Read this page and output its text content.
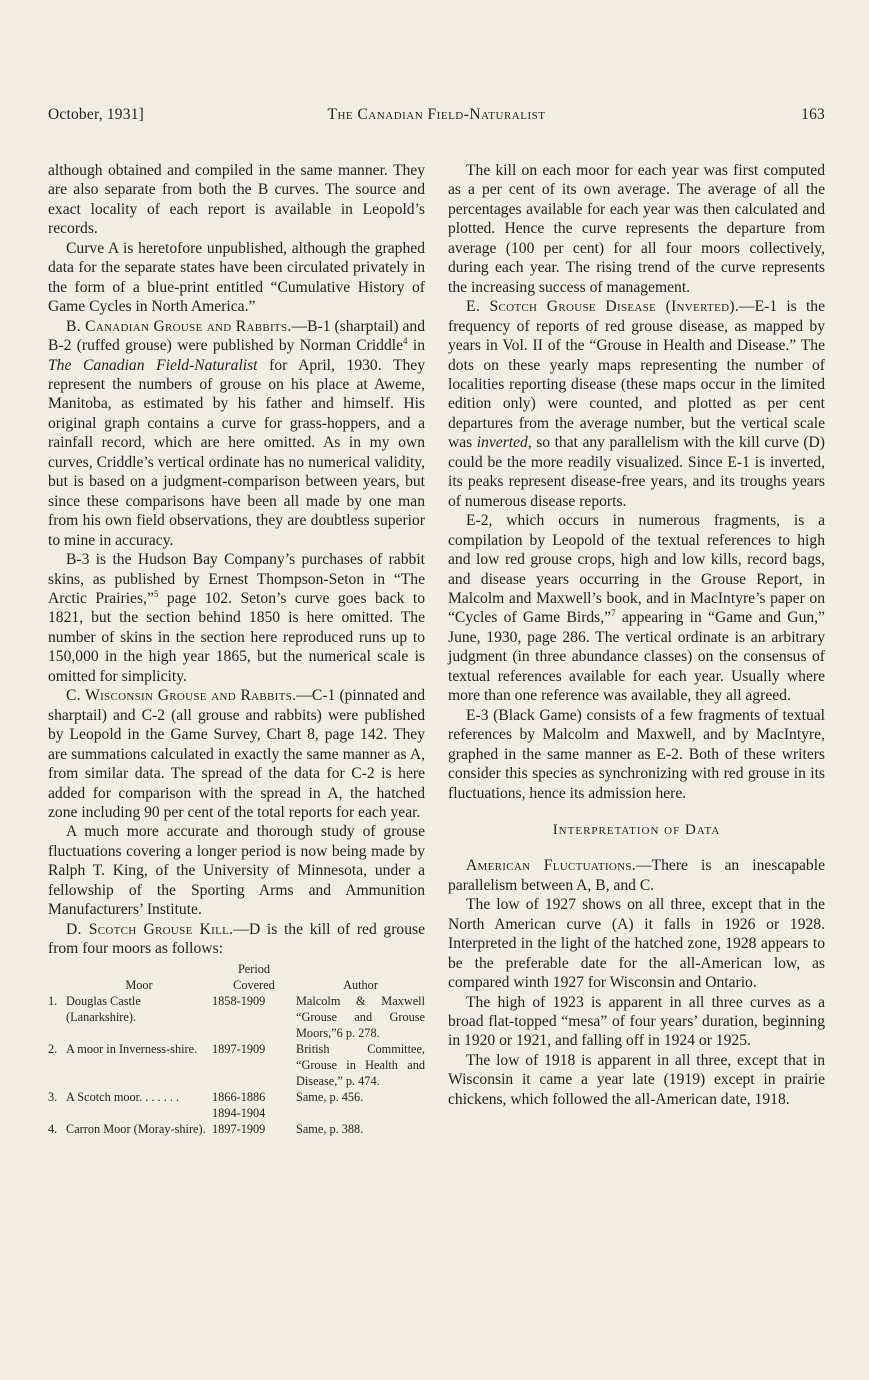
October, 1931]	The Canadian Field-Naturalist	163

although obtained and compiled in the same manner. They are also separate from both the B curves. The source and exact locality of each report is available in Leopold’s records.

Curve A is heretofore unpublished, although the graphed data for the separate states have been circulated privately in the form of a blue-print entitled “Cumulative History of Game Cycles in North America.”

B. Canadian Grouse and Rabbits.—B-1 (sharptail) and B-2 (ruffed grouse) were published by Norman Criddle$^4$ in The Canadian Field-Naturalist for April, 1930. They represent the numbers of grouse on his place at Aweme, Manitoba, as estimated by his father and himself. His original graph contains a curve for grass-hoppers, and a rainfall record, which are here omitted. As in my own curves, Criddle’s vertical ordinate has no numerical validity, but is based on a judgment-comparison between years, but since these comparisons have been all made by one man from his own field observations, they are doubtless superior to mine in accuracy.

B-3 is the Hudson Bay Company’s purchases of rabbit skins, as published by Ernest Thompson-Seton in “The Arctic Prairies,”$^5$ page 102. Seton’s curve goes back to 1821, but the section behind 1850 is here omitted. The number of skins in the section here reproduced runs up to 150,000 in the high year 1865, but the numerical scale is omitted for simplicity.

C. Wisconsin Grouse and Rabbits.—C-1 (pinnated and sharptail) and C-2 (all grouse and rabbits) were published by Leopold in the Game Survey, Chart 8, page 142. They are summations calculated in exactly the same manner as A, from similar data. The spread of the data for C-2 is here added for comparison with the spread in A, the hatched zone including 90 per cent of the total reports for each year.

A much more accurate and thorough study of grouse fluctuations covering a longer period is now being made by Ralph T. King, of the University of Minnesota, under a fellowship of the Sporting Arms and Ammunition Manufacturers’ Institute.

D. Scotch Grouse Kill.—D is the kill of red grouse from four moors as follows:

		Period	
	Moor	Covered	Author
1.	Douglas Castle (Lanarkshire).	1858-1909	Malcolm & Maxwell “Grouse and Grouse Moors,”6 p. 278.
2.	A moor in Inverness-shire.	1897-1909	British Committee, “Grouse in Health and Disease,” p. 474.
3.	A Scotch moor. . . . . . .	1866-1886 1894-1904	Same, p. 456.
4.	Carron Moor (Moray-shire).	1897-1909	Same, p. 388.

The kill on each moor for each year was first computed as a per cent of its own average. The average of all the percentages available for each year was then calculated and plotted. Hence the curve represents the departure from average (100 per cent) for all four moors collectively, during each year. The rising trend of the curve represents the increasing success of management.

E. Scotch Grouse Disease (Inverted).—E-1 is the frequency of reports of red grouse disease, as mapped by years in Vol. II of the “Grouse in Health and Disease.” The dots on these yearly maps representing the number of localities reporting disease (these maps occur in the limited edition only) were counted, and plotted as per cent departures from the average number, but the vertical scale was inverted, so that any parallelism with the kill curve (D) could be the more readily visualized. Since E-1 is inverted, its peaks represent disease-free years, and its troughs years of numerous disease reports.

E-2, which occurs in numerous fragments, is a compilation by Leopold of the textual references to high and low red grouse crops, high and low kills, record bags, and disease years occurring in the Grouse Report, in Malcolm and Maxwell’s book, and in MacIntyre’s paper on “Cycles of Game Birds,”$^7$ appearing in “Game and Gun,” June, 1930, page 286. The vertical ordinate is an arbitrary judgment (in three abundance classes) on the consensus of textual references available for each year. Usually where more than one reference was available, they all agreed.

E-3 (Black Game) consists of a few fragments of textual references by Malcolm and Maxwell, and by MacIntyre, graphed in the same manner as E-2. Both of these writers consider this species as synchronizing with red grouse in its fluctuations, hence its admission here.

Interpretation of Data

American Fluctuations.—There is an inescapable parallelism between A, B, and C.

The low of 1927 shows on all three, except that in the North American curve (A) it falls in 1926 or 1928. Interpreted in the light of the hatched zone, 1928 appears to be the preferable date for the all-American low, as compared winth 1927 for Wisconsin and Ontario.

The high of 1923 is apparent in all three curves as a broad flat-topped “mesa” of four years’ duration, beginning in 1920 or 1921, and falling off in 1924 or 1925.

The low of 1918 is apparent in all three, except that in Wisconsin it came a year late (1919) except in prairie chickens, which followed the all-American date, 1918.
